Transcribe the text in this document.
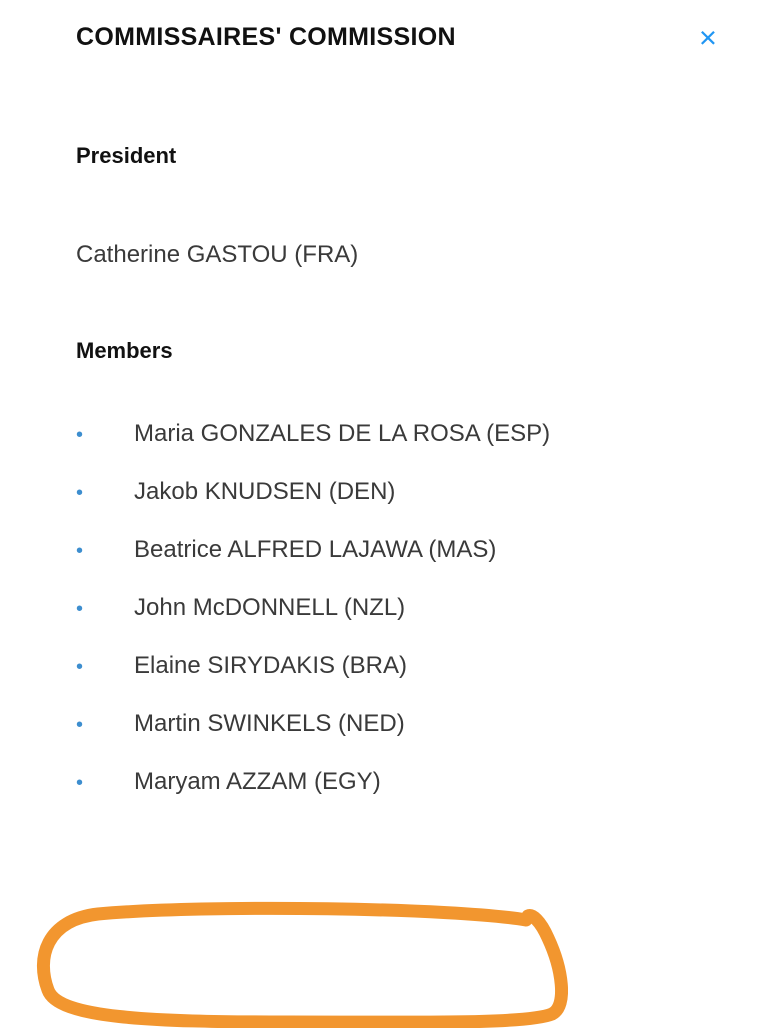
COMMISSAIRES' COMMISSION	×
President
Catherine GASTOU (FRA)
Members
•	Maria GONZALES DE LA ROSA (ESP)
•	Jakob KNUDSEN (DEN)
•	Beatrice ALFRED LAJAWA (MAS)
•	John McDONNELL (NZL)
•	Elaine SIRYDAKIS (BRA)
•	Martin SWINKELS (NED)
•	Maryam AZZAM (EGY)
